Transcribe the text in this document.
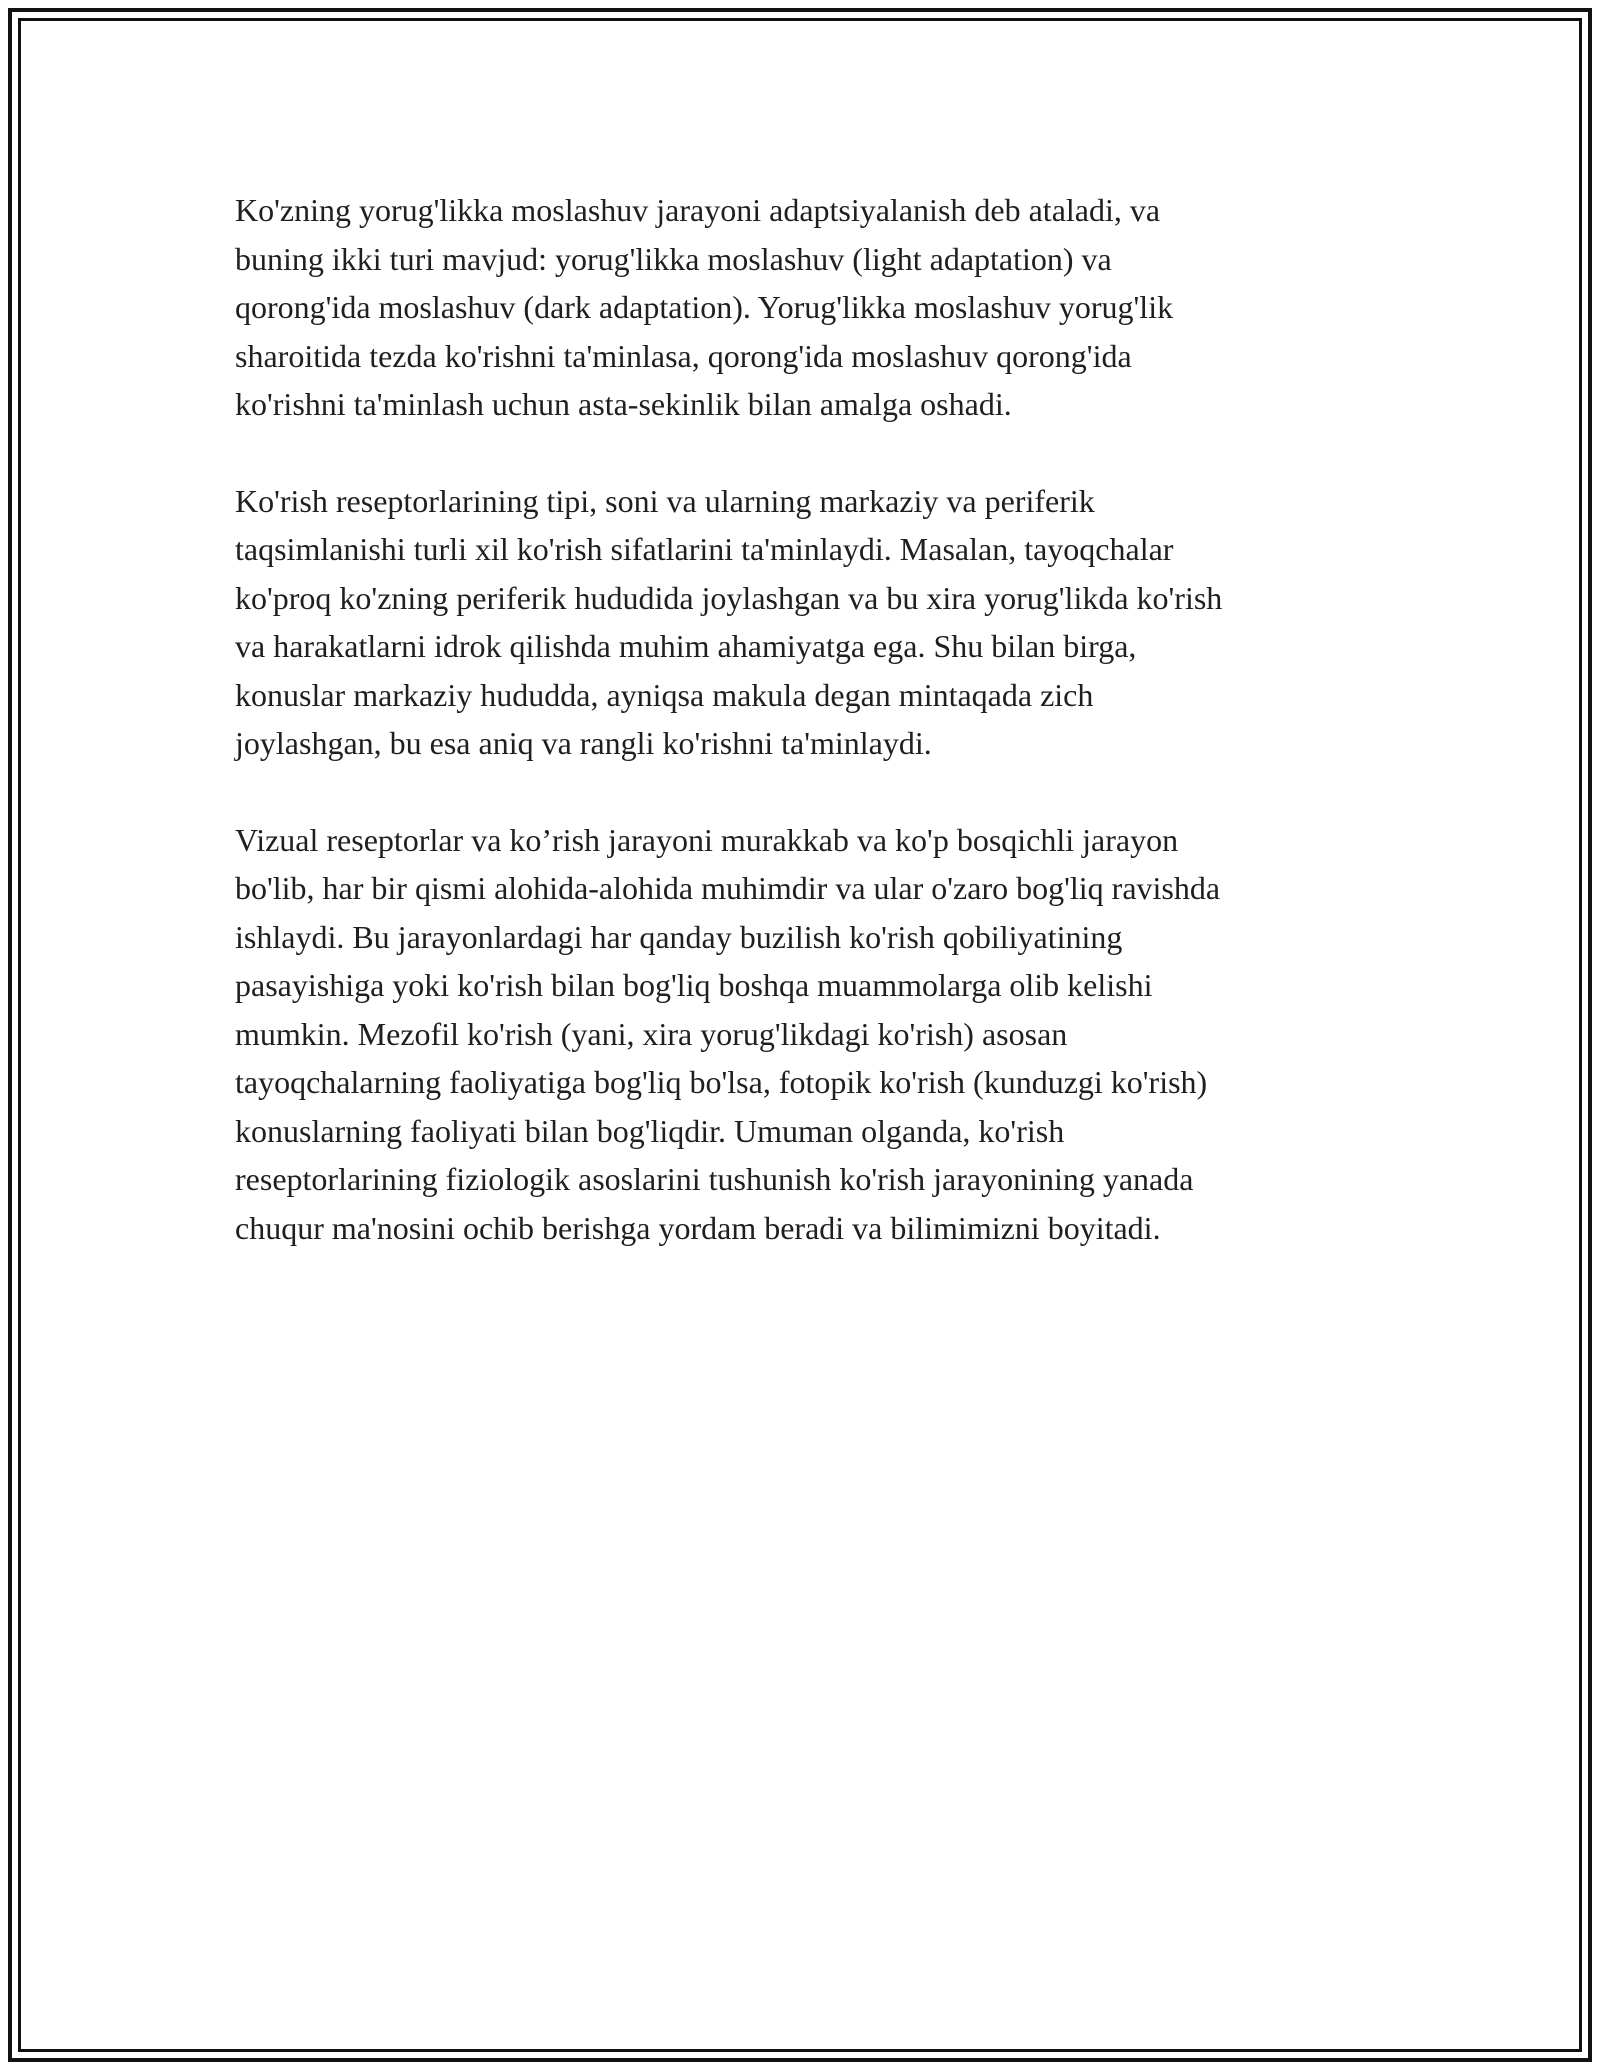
Ko'zning yorug'likka moslashuv jarayoni adaptsiyalanish deb ataladi, va
buning ikki turi mavjud: yorug'likka moslashuv (light adaptation) va
qorong'ida moslashuv (dark adaptation). Yorug'likka moslashuv yorug'lik
sharoitida tezda ko'rishni ta'minlasa, qorong'ida moslashuv qorong'ida
ko'rishni ta'minlash uchun asta-sekinlik bilan amalga oshadi.

Ko'rish reseptorlarining tipi, soni va ularning markaziy va periferik
taqsimlanishi turli xil ko'rish sifatlarini ta'minlaydi. Masalan, tayoqchalar
ko'proq ko'zning periferik hududida joylashgan va bu xira yorug'likda ko'rish
va harakatlarni idrok qilishda muhim ahamiyatga ega. Shu bilan birga,
konuslar markaziy hududda, ayniqsa makula degan mintaqada zich
joylashgan, bu esa aniq va rangli ko'rishni ta'minlaydi.

Vizual reseptorlar va ko’rish jarayoni murakkab va ko'p bosqichli jarayon
bo'lib, har bir qismi alohida-alohida muhimdir va ular o'zaro bog'liq ravishda
ishlaydi. Bu jarayonlardagi har qanday buzilish ko'rish qobiliyatining
pasayishiga yoki ko'rish bilan bog'liq boshqa muammolarga olib kelishi
mumkin. Mezofil ko'rish (yani, xira yorug'likdagi ko'rish) asosan
tayoqchalarning faoliyatiga bog'liq bo'lsa, fotopik ko'rish (kunduzgi ko'rish)
konuslarning faoliyati bilan bog'liqdir. Umuman olganda, ko'rish
reseptorlarining fiziologik asoslarini tushunish ko'rish jarayonining yanada
chuqur ma'nosini ochib berishga yordam beradi va bilimimizni boyitadi.
